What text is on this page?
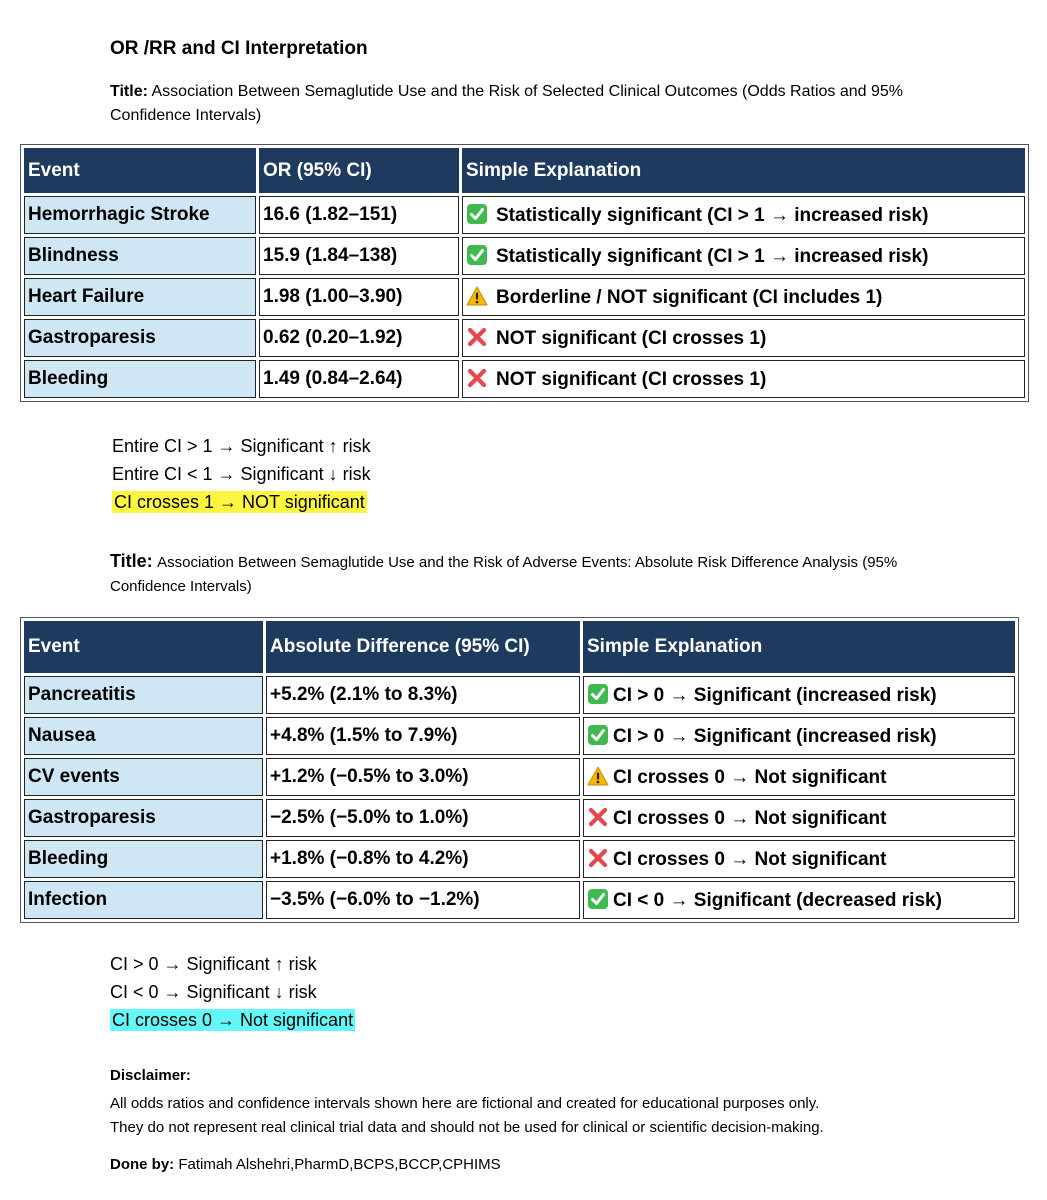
OR /RR and CI Interpretation
Title: Association Between Semaglutide Use and the Risk of Selected Clinical Outcomes (Odds Ratios and 95% Confidence Intervals)
Event	OR (95% CI)	Simple Explanation
Hemorrhagic Stroke	16.6 (1.82–151)	Statistically significant (CI > 1 → increased risk)
Blindness	15.9 (1.84–138)	Statistically significant (CI > 1 → increased risk)
Heart Failure	1.98 (1.00–3.90)	Borderline / NOT significant (CI includes 1)
Gastroparesis	0.62 (0.20–1.92)	NOT significant (CI crosses 1)
Bleeding	1.49 (0.84–2.64)	NOT significant (CI crosses 1)
Entire CI > 1 → Significant ↑ risk
Entire CI < 1 → Significant ↓ risk
CI crosses 1 → NOT significant
Title: Association Between Semaglutide Use and the Risk of Adverse Events: Absolute Risk Difference Analysis (95% Confidence Intervals)
Event	Absolute Difference (95% CI)	Simple Explanation
Pancreatitis	+5.2% (2.1% to 8.3%)	CI > 0 → Significant (increased risk)
Nausea	+4.8% (1.5% to 7.9%)	CI > 0 → Significant (increased risk)
CV events	+1.2% (−0.5% to 3.0%)	CI crosses 0 → Not significant
Gastroparesis	−2.5% (−5.0% to 1.0%)	CI crosses 0 → Not significant
Bleeding	+1.8% (−0.8% to 4.2%)	CI crosses 0 → Not significant
Infection	−3.5% (−6.0% to −1.2%)	CI < 0 → Significant (decreased risk)
CI > 0 → Significant ↑ risk
CI < 0 → Significant ↓ risk
CI crosses 0 → Not significant
Disclaimer:
All odds ratios and confidence intervals shown here are fictional and created for educational purposes only.
They do not represent real clinical trial data and should not be used for clinical or scientific decision-making.
Done by: Fatimah Alshehri,PharmD,BCPS,BCCP,CPHIMS
